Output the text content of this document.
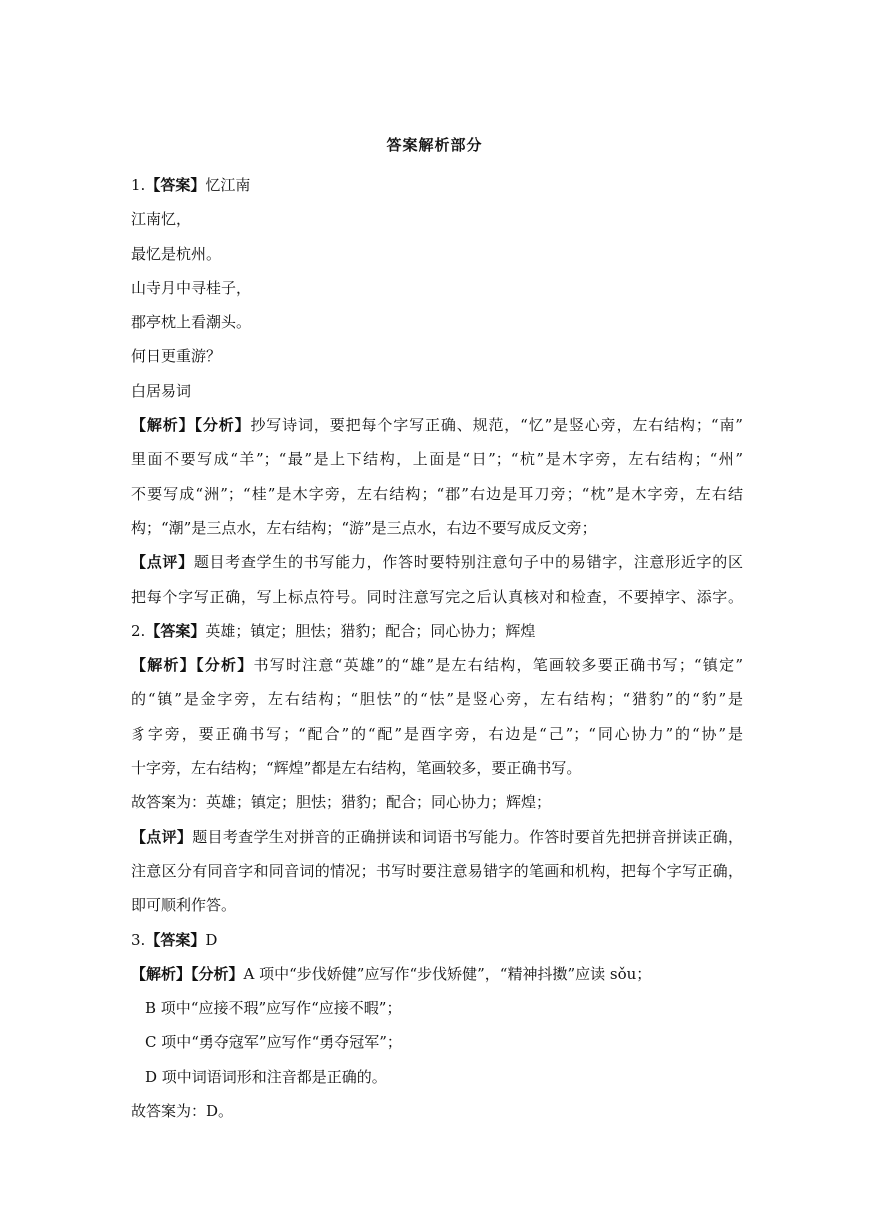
答案解析部分
1.【答案】忆江南
江南忆，
最忆是杭州。
山寺月中寻桂子，
郡亭枕上看潮头。
何日更重游？
白居易词
【解析】【分析】抄写诗词，要把每个字写正确、规范，“忆”是竖心旁，左右结构；“南”
里面不要写成“羊”；“最”是上下结构，上面是“日”；“杭”是木字旁，左右结构；“州”
不要写成“洲”；“桂”是木字旁，左右结构；“郡”右边是耳刀旁；“枕”是木字旁，左右结
构；“潮”是三点水，左右结构；“游”是三点水，右边不要写成反文旁；
【点评】题目考查学生的书写能力，作答时要特别注意句子中的易错字，注意形近字的区
把每个字写正确，写上标点符号。同时注意写完之后认真核对和检查，不要掉字、添字。
2.【答案】英雄；镇定；胆怯；猎豹；配合；同心协力；辉煌
【解析】【分析】书写时注意“英雄”的“雄”是左右结构，笔画较多要正确书写；“镇定”
的“镇”是金字旁，左右结构；“胆怯”的“怯”是竖心旁，左右结构；“猎豹”的“豹”是
豸字旁，要正确书写；“配合”的“配”是酉字旁，右边是“己”；“同心协力”的“协”是
十字旁，左右结构；“辉煌”都是左右结构，笔画较多，要正确书写。
故答案为：英雄；镇定；胆怯；猎豹；配合；同心协力；辉煌；
【点评】题目考查学生对拼音的正确拼读和词语书写能力。作答时要首先把拼音拼读正确，
注意区分有同音字和同音词的情况；书写时要注意易错字的笔画和机构，把每个字写正确，
即可顺利作答。
3.【答案】D
【解析】【分析】A 项中“步伐娇健”应写作“步伐矫健”，“精神抖擞”应读 sǒu；
B 项中“应接不瑕”应写作“应接不暇”；
C 项中“勇夺寇军”应写作“勇夺冠军”；
D 项中词语词形和注音都是正确的。
故答案为：D。
